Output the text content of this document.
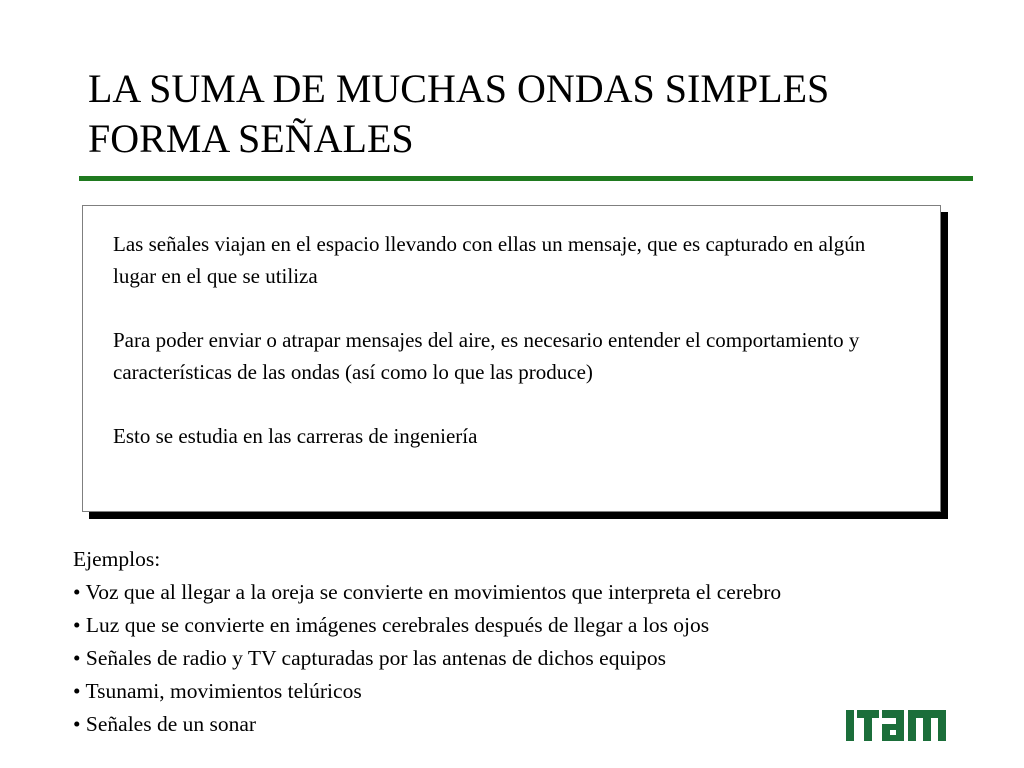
LA SUMA DE MUCHAS ONDAS SIMPLES
FORMA SEÑALES

Las señales viajan en el espacio llevando con ellas un mensaje, que es capturado en algún lugar en el que se utiliza

Para poder enviar o atrapar mensajes del aire, es necesario entender el comportamiento y características de las ondas (así como lo que las produce)

Esto se estudia en las carreras de ingeniería

Ejemplos:
• Voz que al llegar a la oreja se convierte en movimientos que interpreta el cerebro
• Luz que se convierte en imágenes cerebrales después de llegar a los ojos
• Señales de radio y TV capturadas por las antenas de dichos equipos
• Tsunami, movimientos telúricos
• Señales de un sonar
